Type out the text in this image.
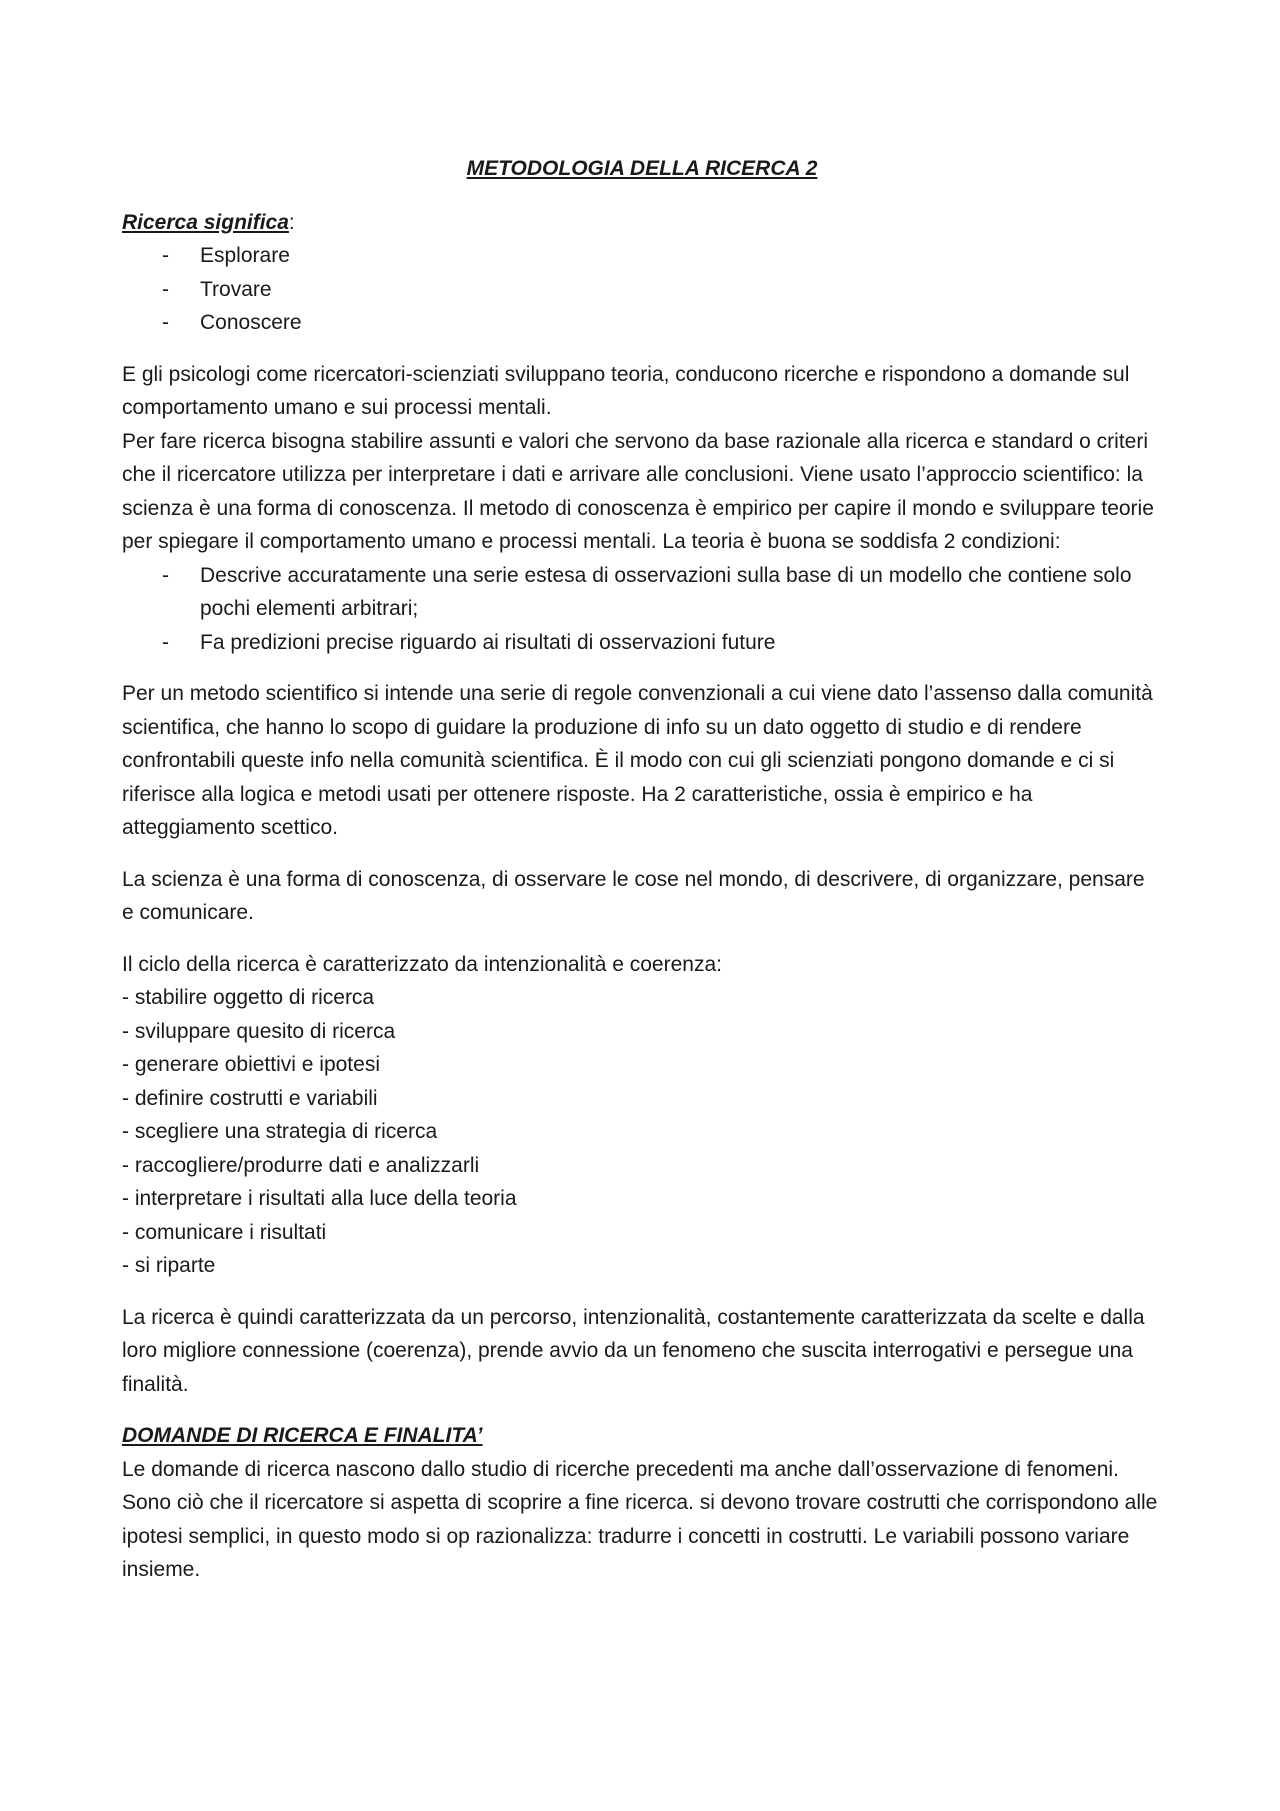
METODOLOGIA DELLA RICERCA 2

Ricerca significa:

- Esplorare
- Trovare
- Conoscere

E gli psicologi come ricercatori-scienziati sviluppano teoria, conducono ricerche e rispondono a domande sul comportamento umano e sui processi mentali.

Per fare ricerca bisogna stabilire assunti e valori che servono da base razionale alla ricerca e standard o criteri che il ricercatore utilizza per interpretare i dati e arrivare alle conclusioni. Viene usato l’approccio scientifico: la scienza è una forma di conoscenza. Il metodo di conoscenza è empirico per capire il mondo e sviluppare teorie per spiegare il comportamento umano e processi mentali. La teoria è buona se soddisfa 2 condizioni:

- Descrive accuratamente una serie estesa di osservazioni sulla base di un modello che contiene solo pochi elementi arbitrari;
- Fa predizioni precise riguardo ai risultati di osservazioni future

Per un metodo scientifico si intende una serie di regole convenzionali a cui viene dato l’assenso dalla comunità scientifica, che hanno lo scopo di guidare la produzione di info su un dato oggetto di studio e di rendere confrontabili queste info nella comunità scientifica. È il modo con cui gli scienziati pongono domande e ci si riferisce alla logica e metodi usati per ottenere risposte. Ha 2 caratteristiche, ossia è empirico e ha atteggiamento scettico.

La scienza è una forma di conoscenza, di osservare le cose nel mondo, di descrivere, di organizzare, pensare e comunicare.

Il ciclo della ricerca è caratterizzato da intenzionalità e coerenza:
- stabilire oggetto di ricerca
- sviluppare quesito di ricerca
- generare obiettivi e ipotesi
- definire costrutti e variabili
- scegliere una strategia di ricerca
- raccogliere/produrre dati e analizzarli
- interpretare i risultati alla luce della teoria
- comunicare i risultati
- si riparte

La ricerca è quindi caratterizzata da un percorso, intenzionalità, costantemente caratterizzata da scelte e dalla loro migliore connessione (coerenza), prende avvio da un fenomeno che suscita interrogativi e persegue una finalità.

DOMANDE DI RICERCA E FINALITA’

Le domande di ricerca nascono dallo studio di ricerche precedenti ma anche dall’osservazione di fenomeni. Sono ciò che il ricercatore si aspetta di scoprire a fine ricerca. si devono trovare costrutti che corrispondono alle ipotesi semplici, in questo modo si op razionalizza: tradurre i concetti in costrutti. Le variabili possono variare insieme.
